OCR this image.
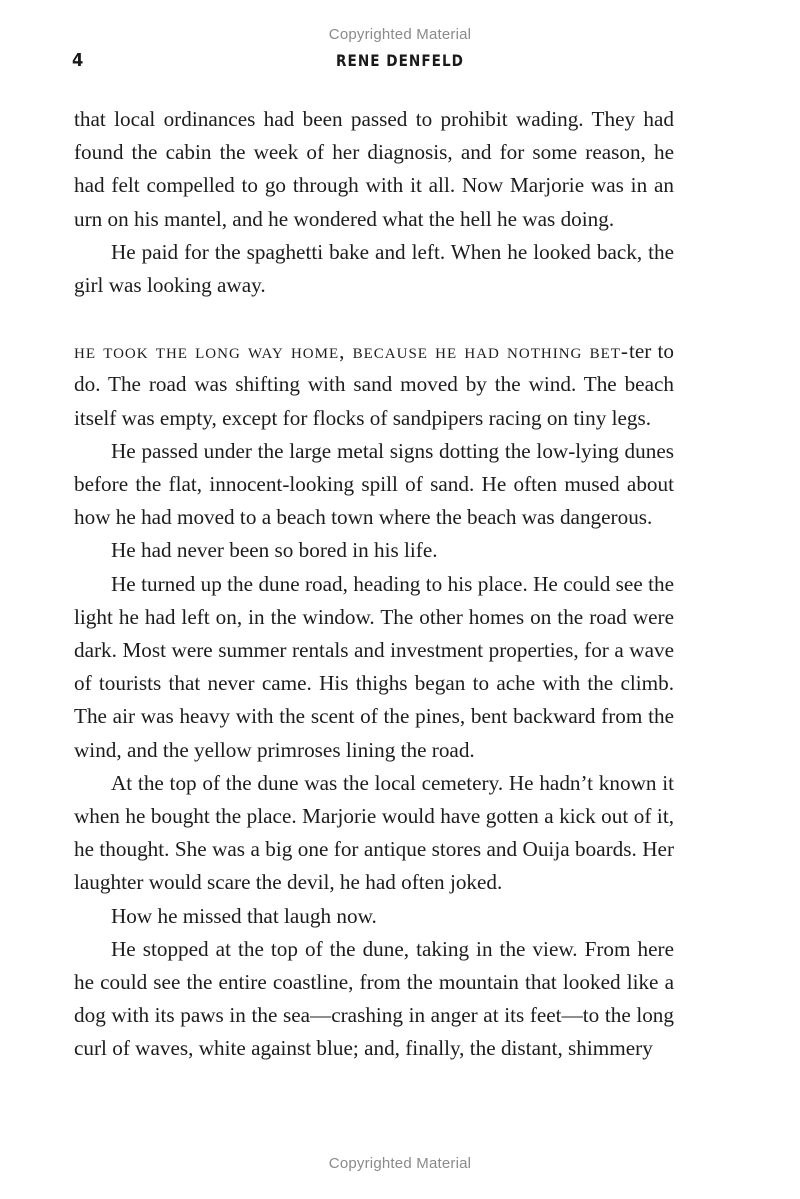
Copyrighted Material
4	RENE DENFELD

that local ordinances had been passed to prohibit wading. They had found the cabin the week of her diagnosis, and for some reason, he had felt compelled to go through with it all. Now Marjorie was in an urn on his mantel, and he wondered what the hell he was doing.

He paid for the spaghetti bake and left. When he looked back, the girl was looking away.

he took the long way home, because he had nothing bet-ter to do. The road was shifting with sand moved by the wind. The beach itself was empty, except for flocks of sandpipers racing on tiny legs.

He passed under the large metal signs dotting the low-lying dunes before the flat, innocent-looking spill of sand. He often mused about how he had moved to a beach town where the beach was dangerous.

He had never been so bored in his life.

He turned up the dune road, heading to his place. He could see the light he had left on, in the window. The other homes on the road were dark. Most were summer rentals and investment properties, for a wave of tourists that never came. His thighs began to ache with the climb. The air was heavy with the scent of the pines, bent backward from the wind, and the yellow primroses lining the road.

At the top of the dune was the local cemetery. He hadn’t known it when he bought the place. Marjorie would have gotten a kick out of it, he thought. She was a big one for antique stores and Ouija boards. Her laughter would scare the devil, he had often joked.

How he missed that laugh now.

He stopped at the top of the dune, taking in the view. From here he could see the entire coastline, from the mountain that looked like a dog with its paws in the sea—crashing in anger at its feet—to the long curl of waves, white against blue; and, finally, the distant, shimmery

Copyrighted Material
